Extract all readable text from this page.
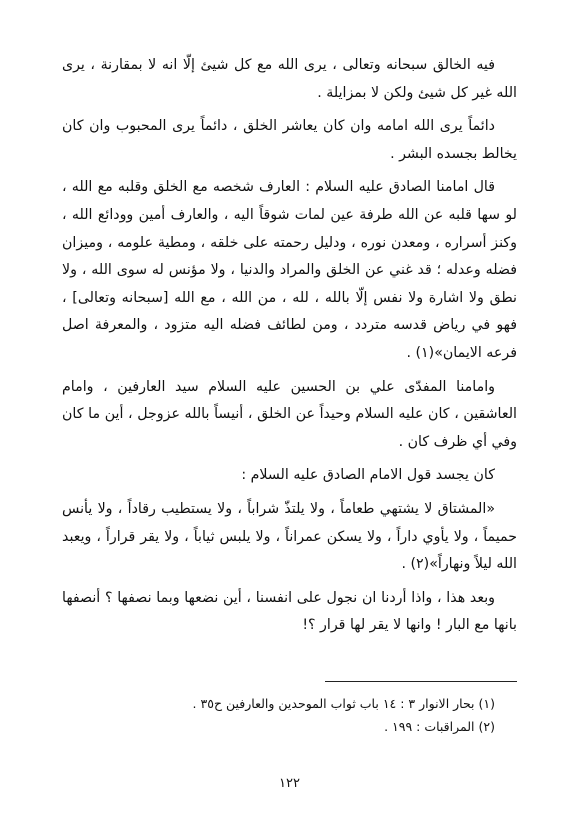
فيه الخالق سبحانه وتعالى ، يرى الله مع كل شيئ إلّا انه لا بمقارنة ، يرى الله غير كل شيئ ولكن لا بمزايلة .

دائماً يرى الله امامه وان كان يعاشر الخلق ، دائماً يرى المحبوب وان كان يخالط بجسده البشر .

قال امامنا الصادق عليه السلام : العارف شخصه مع الخلق وقلبه مع الله ، لو سها قلبه عن الله طرفة عين لمات شوقاً اليه ، والعارف أمين وودائع الله ، وكنز أسراره ، ومعدن نوره ، ودليل رحمته على خلقه ، ومطية علومه ، وميزان فضله وعدله ؛ قد غني عن الخلق والمراد والدنيا ، ولا مؤنس له سوى الله ، ولا نطق ولا اشارة ولا نفس إلّا بالله ، لله ، من الله ، مع الله [سبحانه وتعالى] ، فهو في رياض قدسه متردد ، ومن لطائف فضله اليه متزود ، والمعرفة اصل فرعه الايمان»(١) .

وامامنا المفدّى علي بن الحسين عليه السلام سيد العارفين ، وامام العاشقين ، كان عليه السلام وحيداً عن الخلق ، أنيساً بالله عزوجل ، أين ما كان وفي أي ظرف كان .

كان يجسد قول الامام الصادق عليه السلام :

«المشتاق لا يشتهي طعاماً ، ولا يلتذّ شراباً ، ولا يستطيب رقاداً ، ولا يأنس حميماً ، ولا يأوي داراً ، ولا يسكن عمراناً ، ولا يلبس ثياباً ، ولا يقر قراراً ، ويعبد الله ليلاً ونهاراً»(٢) .

وبعد هذا ، واذا أردنا ان نجول على انفسنا ، أين نضعها وبما نصفها ؟ أنصفها بانها مع البار ! وانها لا يقر لها قرار ؟!

(١) بحار الانوار ٣ : ١٤ باب ثواب الموحدين والعارفين ح٣٥ .

(٢) المراقبات : ١٩٩ .

١٢٢
